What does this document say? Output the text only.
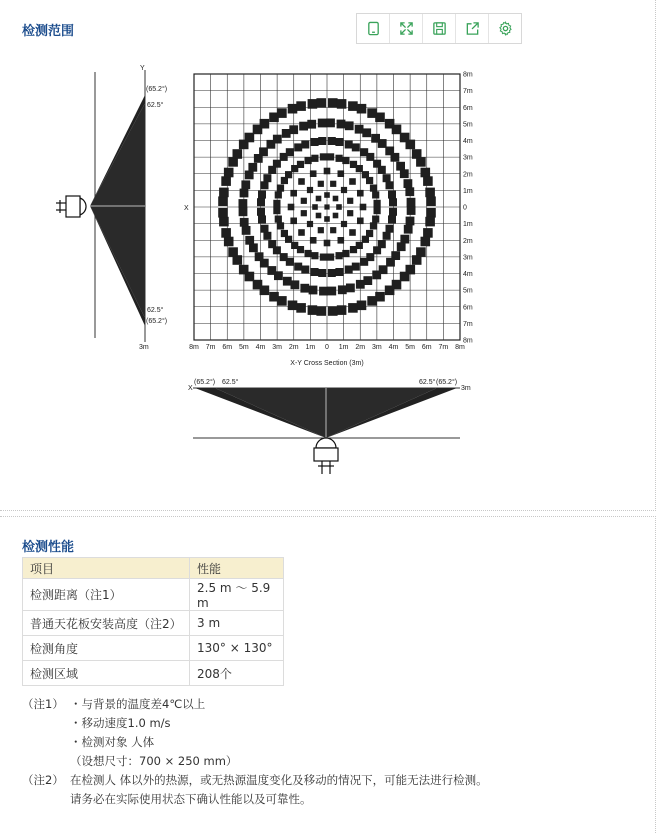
检测范围
Y
(65.2°)
62.5°
62.5°
(65.2°)
3m
X
8m 7m 6m 5m 4m 3m 2m 1m 0 1m 2m 3m 4m 5m 6m 7m 8m
8m
7m
6m
5m
4m
3m
2m
1m
0
1m
2m
3m
4m
5m
6m
7m
8m
X-Y Cross Section (3m)
X
(65.2°) 62.5°	62.5° (65.2°)
3m
检测性能
项目	性能
检测距离（注1）	2.5 m ～ 5.9 m
普通天花板安装高度（注2）	3 m
检测角度	130° × 130°
检测区域	208个
（注1） ・与背景的温度差4℃以上
・移动速度1.0 m/s
・检测对象 人体
（设想尺寸：700 × 250 mm）
（注2） 在检测人 体以外的热源，或无热源温度变化及移动的情况下，可能无法进行检测。
请务必在实际使用状态下确认性能以及可靠性。
